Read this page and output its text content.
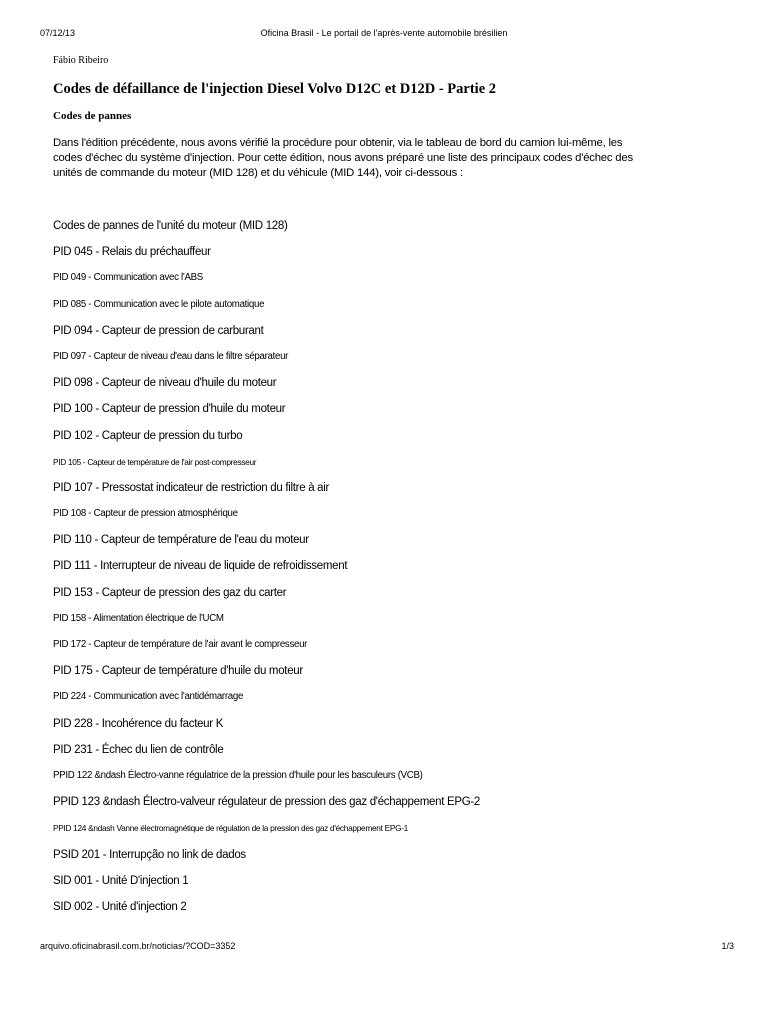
07/12/13	Oficina Brasil - Le portail de l'après-vente automobile brésilien
Fábio Ribeiro
Codes de défaillance de l'injection Diesel Volvo D12C et D12D - Partie 2
Codes de pannes

Dans l'édition précédente, nous avons vérifié la procédure pour obtenir, via le tableau de bord du camion lui-même, les codes d'échec du système d'injection. Pour cette édition, nous avons préparé une liste des principaux codes d'échec des unités de commande du moteur (MID 128) et du véhicule (MID 144), voir ci-dessous :

Codes de pannes de l'unité du moteur (MID 128)
PID 045 - Relais du préchauffeur
PID 049 - Communication avec l'ABS
PID 085 - Communication avec le pilote automatique
PID 094 - Capteur de pression de carburant
PID 097 - Capteur de niveau d'eau dans le filtre séparateur
PID 098 - Capteur de niveau d'huile du moteur
PID 100 - Capteur de pression d'huile du moteur
PID 102 - Capteur de pression du turbo
PID 105 - Capteur de température de l'air post-compresseur
PID 107 - Pressostat indicateur de restriction du filtre à air
PID 108 - Capteur de pression atmosphérique
PID 110 - Capteur de température de l'eau du moteur
PID 111 - Interrupteur de niveau de liquide de refroidissement
PID 153 - Capteur de pression des gaz du carter
PID 158 - Alimentation électrique de l'UCM
PID 172 - Capteur de température de l'air avant le compresseur
PID 175 - Capteur de température d'huile du moteur
PID 224 - Communication avec l'antidémarrage
PID 228 - Incohérence du facteur K
PID 231 - Échec du lien de contrôle
PPID 122 &ndash Électro-vanne régulatrice de la pression d'huile pour les basculeurs (VCB)
PPID 123 &ndash Électro-valveur régulateur de pression des gaz d'échappement EPG-2
PPID 124 &ndash Vanne électromagnétique de régulation de la pression des gaz d'échappement EPG-1
PSID 201 - Interrupção no link de dados
SID 001 - Unité D'injection 1
SID 002 - Unité d'injection 2
arquivo.oficinabrasil.com.br/noticias/?COD=3352	1/3
